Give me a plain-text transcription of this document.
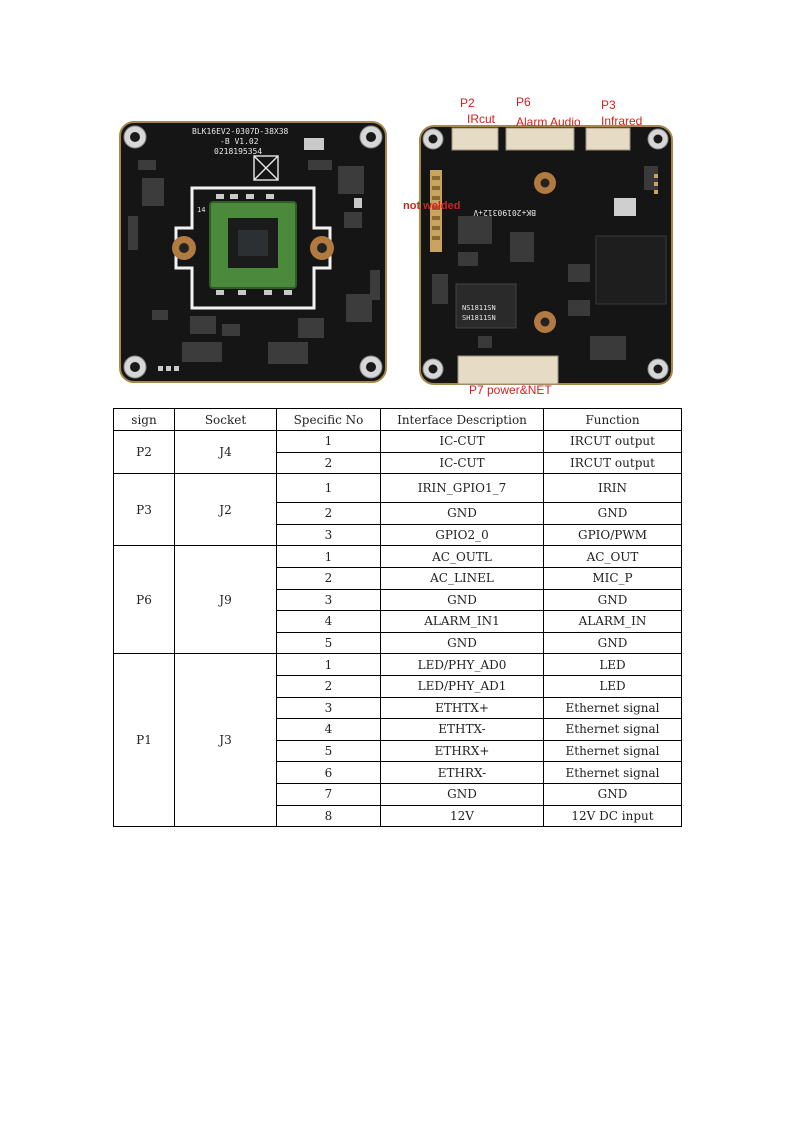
BLK16EV2-0307D-38X38
-B V1.02
0218195354
14
NS1811SN
SH1811SN
BK+20190312+V
P2
IRcut
P6
Alarm Audio
P3
Infrared
not welded
P7 power&NET
sign	Socket	Specific No	Interface Description	Function
P2	J4	1	IC-CUT	IRCUT output
		2	IC-CUT	IRCUT output
P3	J2	1	IRIN_GPIO1_7	IRIN
		2	GND	GND
		3	GPIO2_0	GPIO/PWM
P6	J9	1	AC_OUTL	AC_OUT
		2	AC_LINEL	MIC_P
		3	GND	GND
		4	ALARM_IN1	ALARM_IN
		5	GND	GND
P1	J3	1	LED/PHY_AD0	LED
		2	LED/PHY_AD1	LED
		3	ETHTX+	Ethernet signal
		4	ETHTX-	Ethernet signal
		5	ETHRX+	Ethernet signal
		6	ETHRX-	Ethernet signal
		7	GND	GND
		8	12V	12V DC input
